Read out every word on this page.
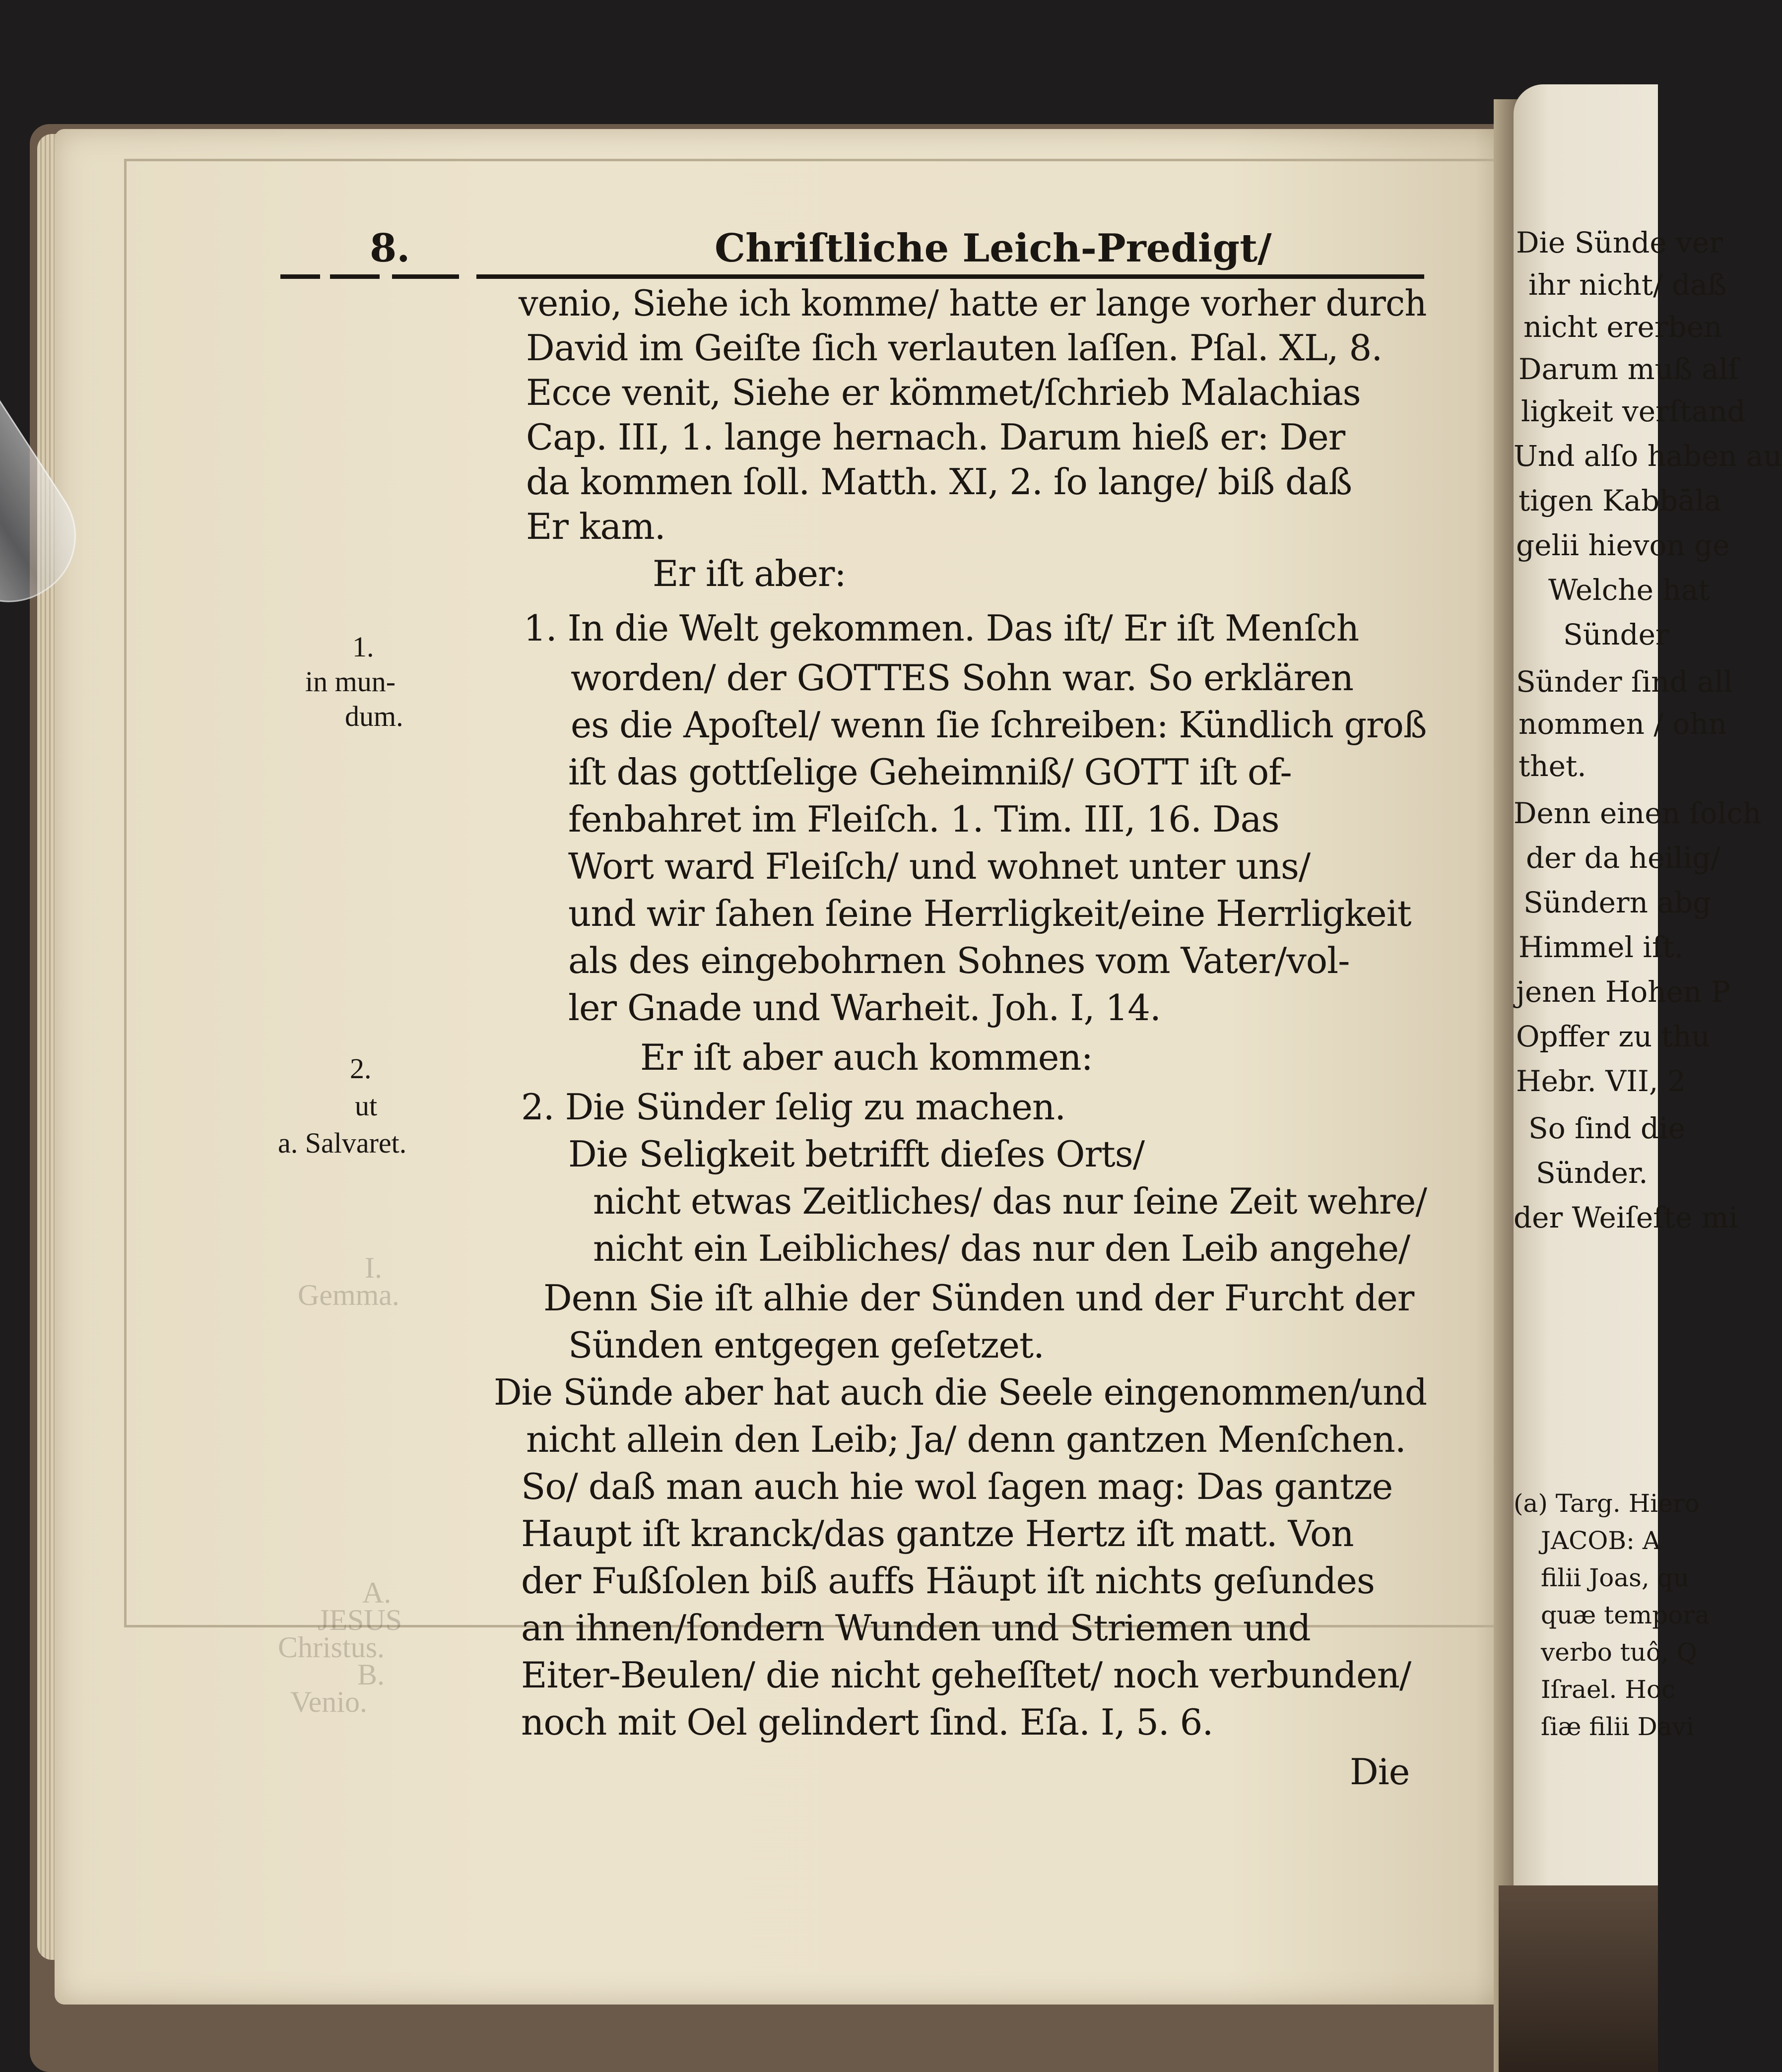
8.	Chriſtliche Leich-Predigt/
I.
Gemma.
A.
JESUS
Christus.
B.
Venio.
1.
in mun-
dum.
2.
ut
a. Salvaret.
venio, Siehe ich komme/ hatte er lange vorher durch
David im Geiſte ſich verlauten laſſen. Pſal. XL, 8.
Ecce venit, Siehe er kömmet/ſchrieb Malachias
Cap. III, 1. lange hernach. Darum hieß er: Der
da kommen ſoll. Matth. XI, 2. ſo lange/ biß daß
Er kam.
Er iſt aber:
1. In die Welt gekommen. Das iſt/ Er iſt Menſch
worden/ der GOTTES Sohn war. So erklären
es die Apoſtel/ wenn ſie ſchreiben: Kündlich groß
iſt das gottſelige Geheimniß/ GOTT iſt of-
fenbahret im Fleiſch. 1. Tim. III, 16. Das
Wort ward Fleiſch/ und wohnet unter uns/
und wir ſahen ſeine Herrligkeit/eine Herrligkeit
als des eingebohrnen Sohnes vom Vater/vol-
ler Gnade und Warheit. Joh. I, 14.
Er iſt aber auch kommen:
2. Die Sünder ſelig zu machen.
Die Seligkeit betrifft dieſes Orts/
nicht etwas Zeitliches/ das nur ſeine Zeit wehre/
nicht ein Leibliches/ das nur den Leib angehe/
Denn Sie iſt alhie der Sünden und der Furcht der
Sünden entgegen geſetzet.
Die Sünde aber hat auch die Seele eingenommen/und
nicht allein den Leib; Ja/ denn gantzen Menſchen.
So/ daß man auch hie wol ſagen mag: Das gantze
Haupt iſt kranck/das gantze Hertz iſt matt. Von
der Fußſolen biß auffs Häupt iſt nichts geſundes
an ihnen/ſondern Wunden und Striemen und
Eiter-Beulen/ die nicht geheſſtet/ noch verbunden/
noch mit Oel gelindert ſind. Eſa. I, 5. 6.
Die
Die Sünde ver
ihr nicht/ daß
nicht ererben
Darum muß alſ
ligkeit verſtand
Und alſo haben au
tigen Kabbāla
gelii hievon ge
Welche hat
Sünder
Sünder ſind all
nommen / ohn
thet.
Denn einen ſolch
der da heilig/
Sündern abg
Himmel iſt.
jenen Hohen P
Opffer zu thu
Hebr. VII, 2
So ſind die
Sünder.
der Weiſeſte mi
(a) Targ. Hiero
JACOB: A
filii Joas, qu
quæ tempora
verbo tuô, Q
Iſrael. Hoc
ſiæ filii Davi
